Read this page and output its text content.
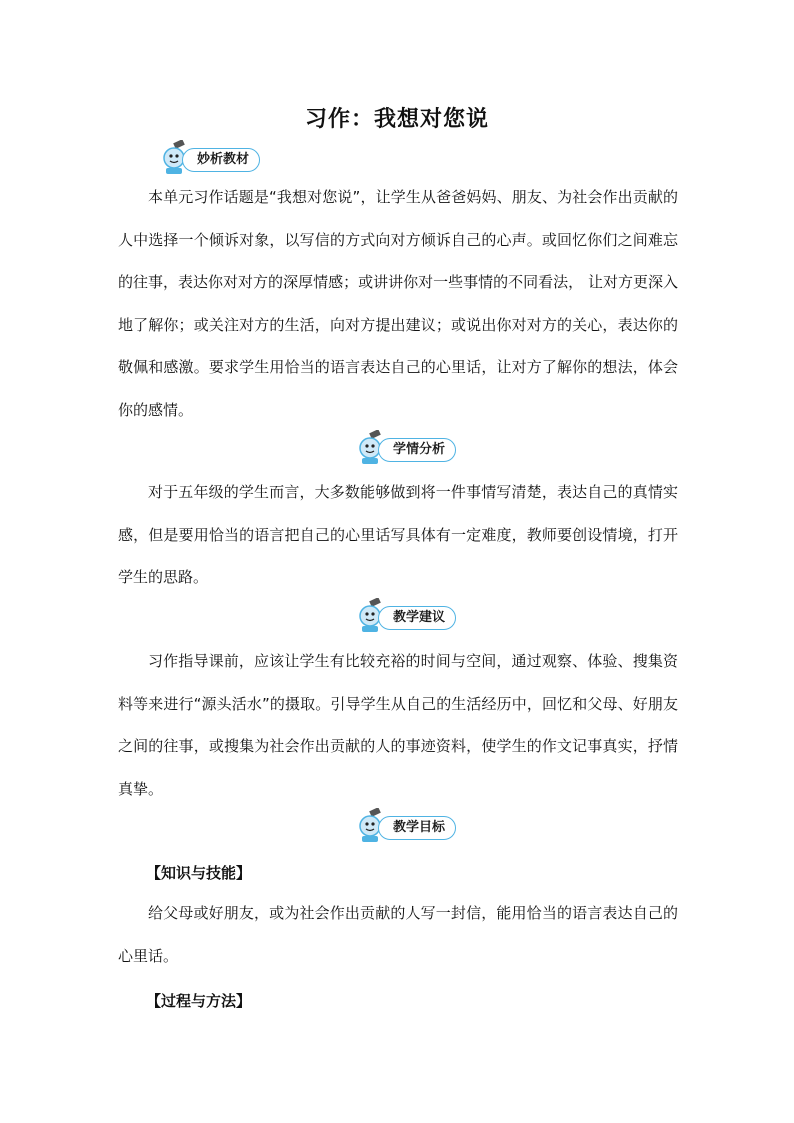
习作：我想对您说
妙析教材
本单元习作话题是“我想对您说”，让学生从爸爸妈妈、朋友、为社会作出贡献的人中选择一个倾诉对象，以写信的方式向对方倾诉自己的心声。或回忆你们之间难忘的往事，表达你对对方的深厚情感；或讲讲你对一些事情的不同看法， 让对方更深入地了解你；或关注对方的生活，向对方提出建议；或说出你对对方的关心，表达你的敬佩和感激。要求学生用恰当的语言表达自己的心里话，让对方了解你的想法，体会你的感情。
学情分析
对于五年级的学生而言，大多数能够做到将一件事情写清楚，表达自己的真情实感，但是要用恰当的语言把自己的心里话写具体有一定难度，教师要创设情境，打开学生的思路。
教学建议
习作指导课前，应该让学生有比较充裕的时间与空间，通过观察、体验、搜集资料等来进行“源头活水”的摄取。引导学生从自己的生活经历中，回忆和父母、好朋友之间的往事，或搜集为社会作出贡献的人的事迹资料，使学生的作文记事真实，抒情真挚。
教学目标
【知识与技能】
给父母或好朋友，或为社会作出贡献的人写一封信，能用恰当的语言表达自己的心里话。
【过程与方法】
